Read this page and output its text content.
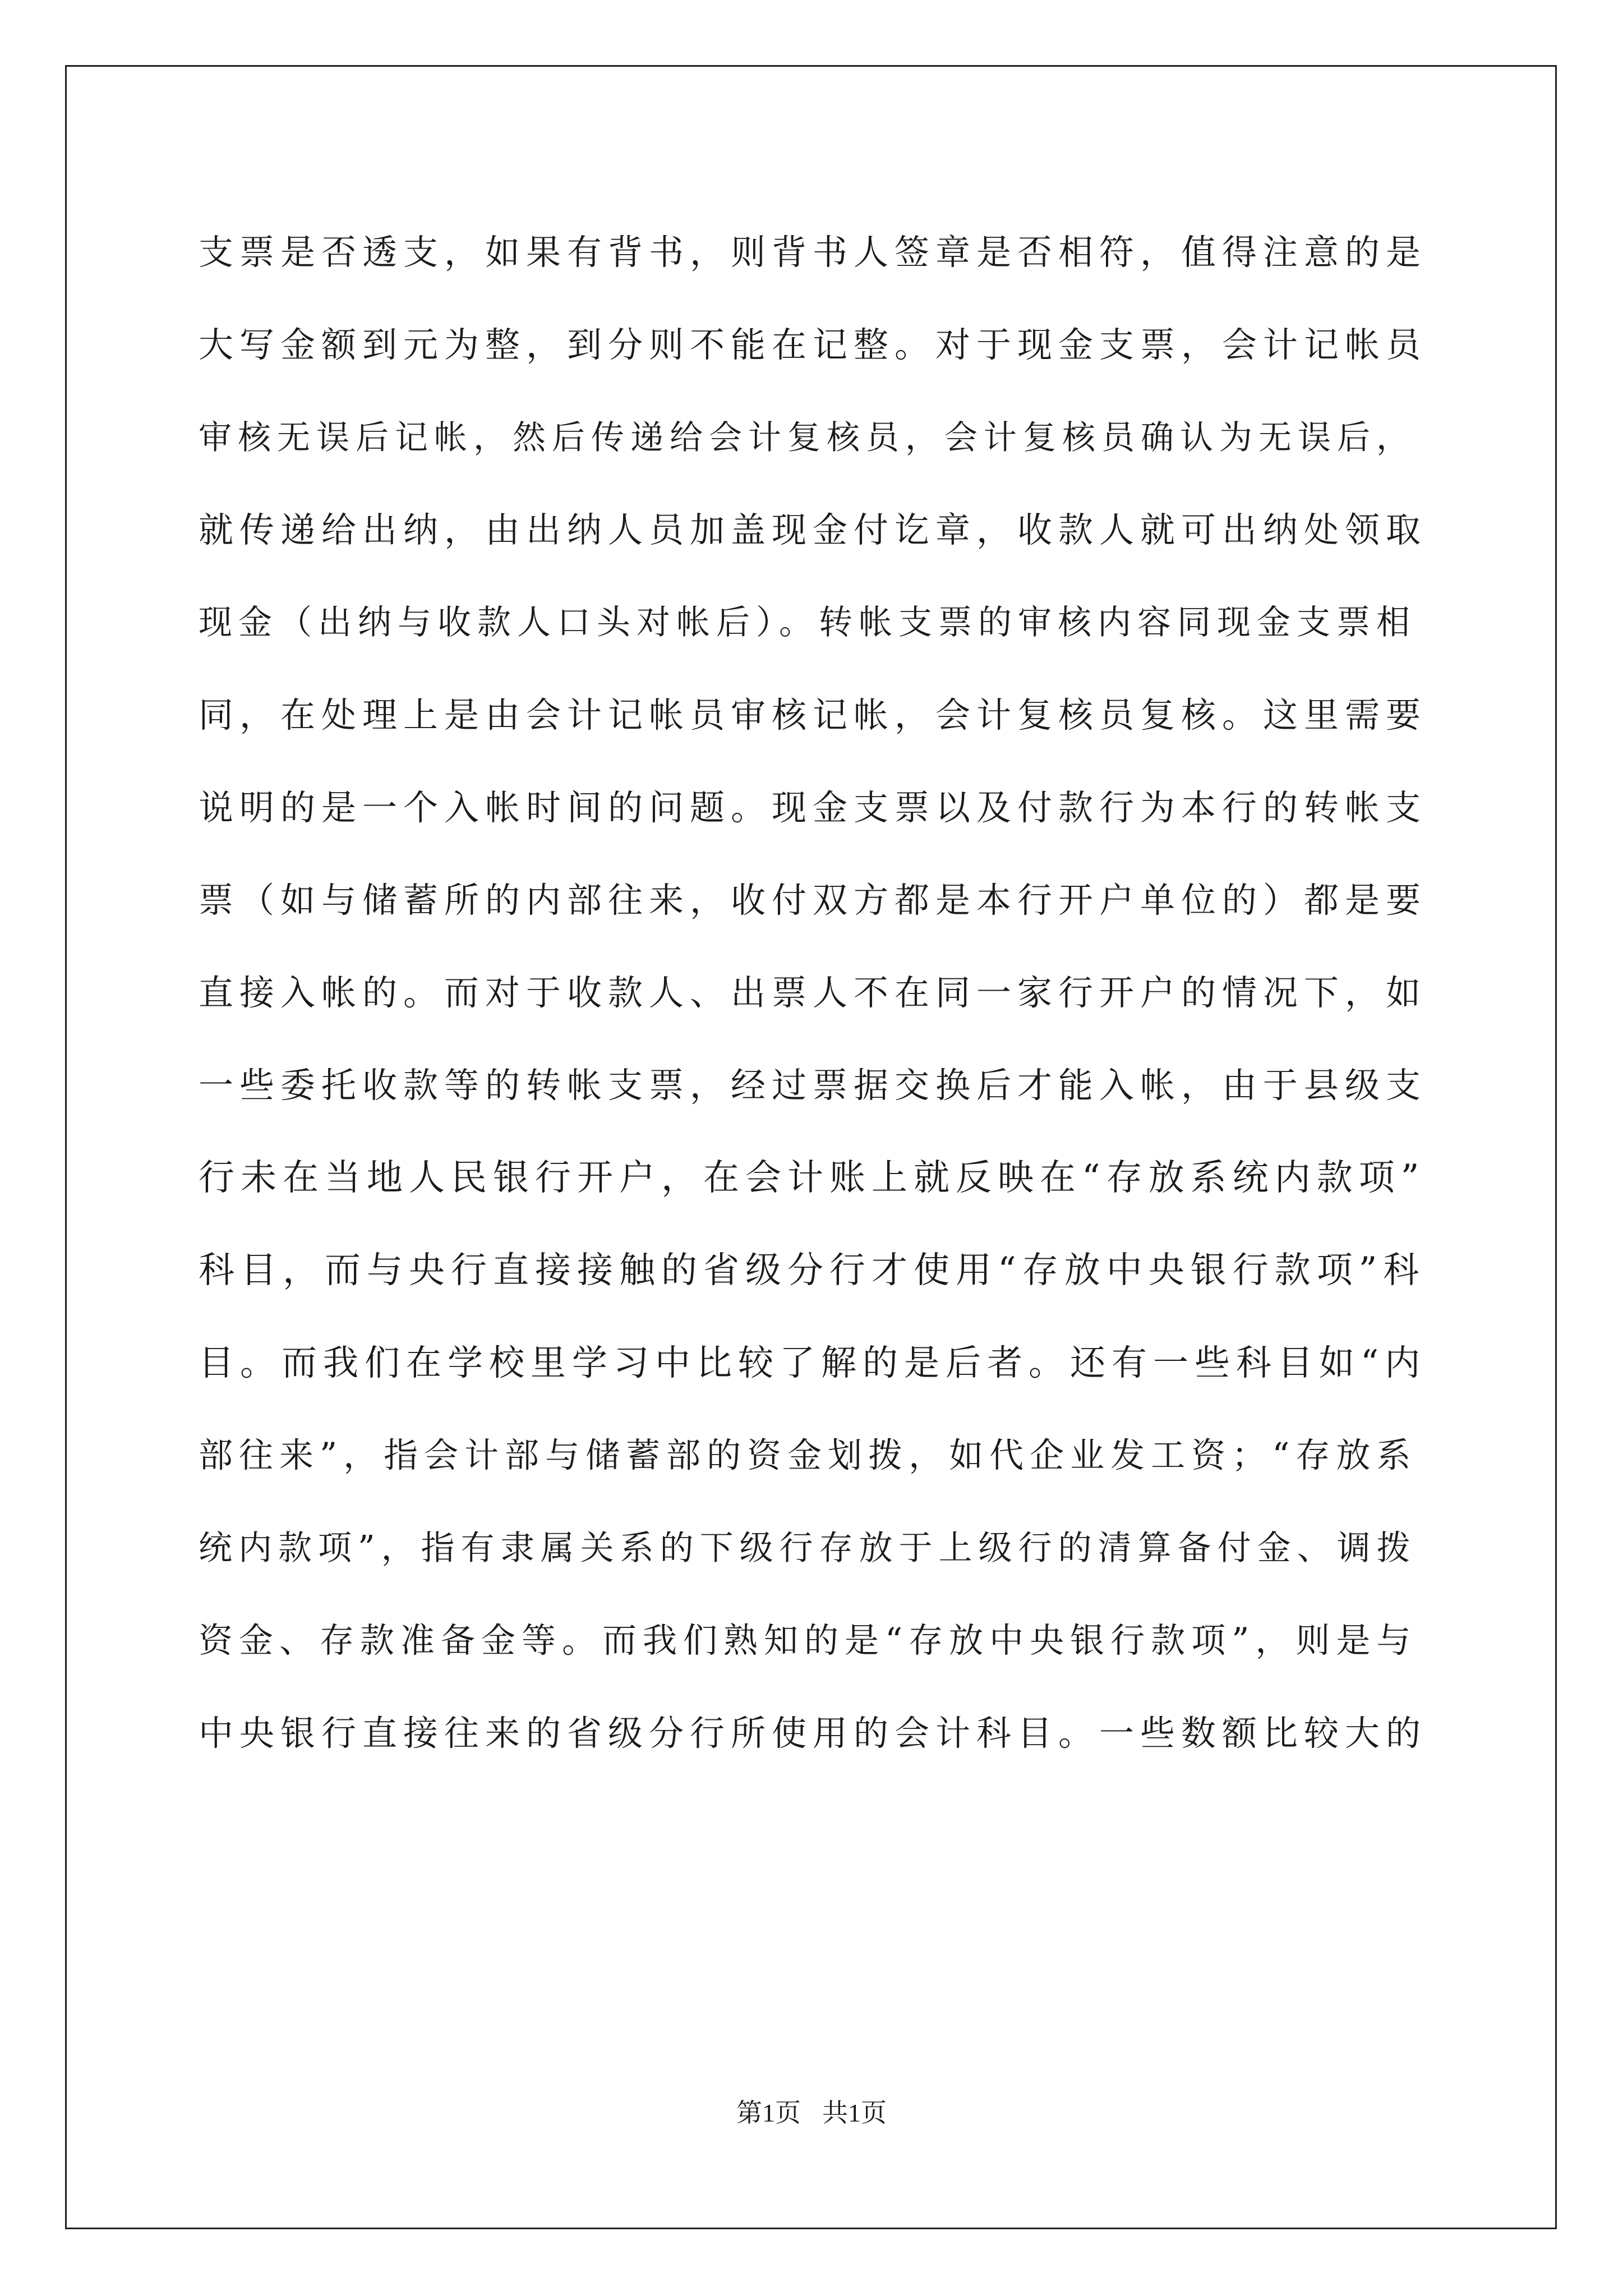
支票是否透支，如果有背书，则背书人签章是否相符，值得注意的是
大写金额到元为整，到分则不能在记整。对于现金支票，会计记帐员
审核无误后记帐，然后传递给会计复核员，会计复核员确认为无误后，
就传递给出纳，由出纳人员加盖现金付讫章，收款人就可出纳处领取
现金（出纳与收款人口头对帐后）。转帐支票的审核内容同现金支票相
同，在处理上是由会计记帐员审核记帐，会计复核员复核。这里需要
说明的是一个入帐时间的问题。现金支票以及付款行为本行的转帐支
票（如与储蓄所的内部往来，收付双方都是本行开户单位的）都是要
直接入帐的。而对于收款人、出票人不在同一家行开户的情况下，如
一些委托收款等的转帐支票，经过票据交换后才能入帐，由于县级支
行未在当地人民银行开户，在会计账上就反映在“存放系统内款项”
科目，而与央行直接接触的省级分行才使用“存放中央银行款项”科
目。而我们在学校里学习中比较了解的是后者。还有一些科目如“内
部往来”，指会计部与储蓄部的资金划拨，如代企业发工资；“存放系
统内款项”，指有隶属关系的下级行存放于上级行的清算备付金、调拨
资金、存款准备金等。而我们熟知的是“存放中央银行款项”，则是与
中央银行直接往来的省级分行所使用的会计科目。一些数额比较大的
第1页 共1页
